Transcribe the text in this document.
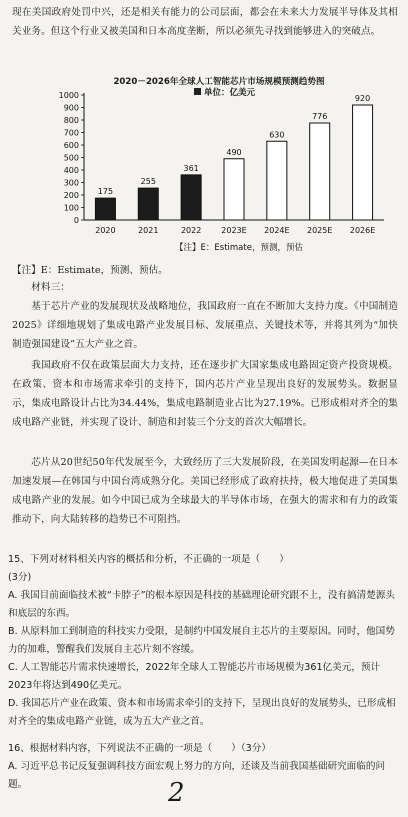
现在美国政府处罚中兴，还是相关有能力的公司层面，都会在未来大力发展半导体及其相关业务。但这个行业又被美国和日本高度垄断，所以必须先寻找到能够进入的突破点。

2020－2026年全球人工智能芯片市场规模预测趋势图
单位：亿美元
0
100
200
300
400
500
600
700
800
900
1000
175
2020
255
2021
361
2022
490
2023E
630
2024E
776
2025E
920
2026E
【注】E：Estimate，预测，预估

【注】E：Estimate，预测、预估。

材料三：

基于芯片产业的发展现状及战略地位，我国政府一直在不断加大支持力度。《中国制造2025》详细地规划了集成电路产业发展目标、发展重点、关键技术等，并将其列为“加快制造强国建设”五大产业之首。

我国政府不仅在政策层面大力支持，还在逐步扩大国家集成电路固定资产投资规模。在政策、资本和市场需求牵引的支持下，国内芯片产业呈现出良好的发展势头。数据显示，集成电路设计占比为34.44%，集成电路制造业占比为27.19%。已形成相对齐全的集成电路产业链，并实现了设计、制造和封装三个分支的首次大幅增长。

芯片从20世纪50年代发展至今，大致经历了三大发展阶段，在美国发明起源—在日本加速发展—在韩国与中国台湾成熟分化。美国已经形成了政府扶持，极大地促进了美国集成电路产业的发展。如今中国已成为全球最大的半导体市场，在强大的需求和有力的政策推动下，向大陆转移的趋势已不可阻挡。

15、下列对材料相关内容的概括和分析，不正确的一项是（　　）
(3分)

A. 我国目前面临技术被“卡脖子”的根本原因是科技的基础理论研究跟不上，没有搞清楚源头和底层的东西。

B. 从原料加工到制造的科技实力受限，是制约中国发展自主芯片的主要原因。同时，他国势力的加难，警醒我们发展自主芯片刻不容缓。

C. 人工智能芯片需求快速增长，2022年全球人工智能芯片市场规模为361亿美元，预计2023年将达到490亿美元。

D. 我国芯片产业在政策、资本和市场需求牵引的支持下，呈现出良好的发展势头，已形成相对齐全的集成电路产业链，成为五大产业之首。

16、根据材料内容，下列说法不正确的一项是（　　）（3分）

A. 习近平总书记反复强调科技方面宏观上努力的方向，还谈及当前我国基础研究面临的问题。	2
